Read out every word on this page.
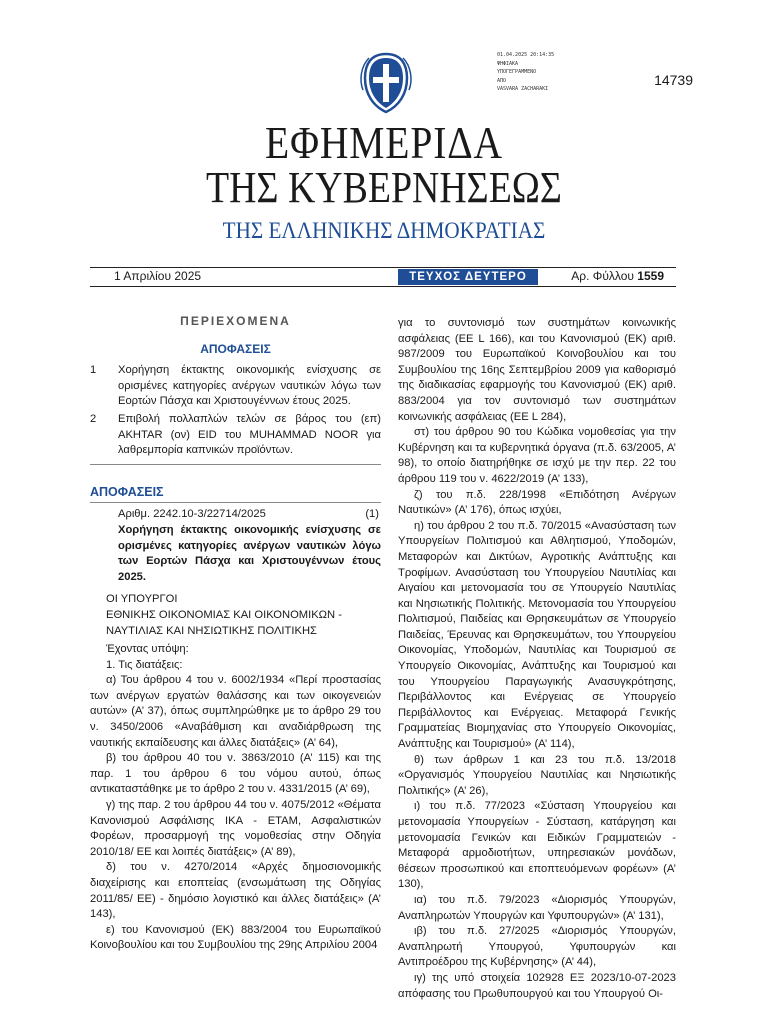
01.04.2025 20:14:35
ΨΗΦΙΑΚΑ
ΥΠΟΓΕΓΡΑΜΜΕΝΟ
ΑΠΟ
VASVARA ZACHARAKI
14739
ΕΦΗΜΕΡΙΔΑ
ΤΗΣ ΚΥΒΕΡΝΗΣΕΩΣ
ΤΗΣ ΕΛΛΗΝΙΚΗΣ ΔΗΜΟΚΡΑΤΙΑΣ
1 Απριλίου 2025	ΤΕΥΧΟΣ ΔΕΥΤΕΡΟ	Αρ. Φύλλου 1559
ΠΕΡΙΕΧΟΜΕΝΑ
ΑΠΟΦΑΣΕΙΣ
1 Χορήγηση έκτακτης οικονομικής ενίσχυσης σε ορισμένες κατηγορίες ανέργων ναυτικών λόγω των Εορτών Πάσχα και Χριστουγέννων έτους 2025.
2 Επιβολή πολλαπλών τελών σε βάρος του (επ) AKHTAR (ον) EID του MUHAMMAD NOOR για λαθρεμπορία καπνικών προϊόντων.
ΑΠΟΦΑΣΕΙΣ
Αριθμ. 2242.10-3/22714/2025	(1)
Χορήγηση έκτακτης οικονομικής ενίσχυσης σε ορισμένες κατηγορίες ανέργων ναυτικών λόγω των Εορτών Πάσχα και Χριστουγέννων έτους 2025.
ΟΙ ΥΠΟΥΡΓΟΙ
ΕΘΝΙΚΗΣ ΟΙΚΟΝΟΜΙΑΣ ΚΑΙ ΟΙΚΟΝΟΜΙΚΩΝ -
ΝΑΥΤΙΛΙΑΣ ΚΑΙ ΝΗΣΙΩΤΙΚΗΣ ΠΟΛΙΤΙΚΗΣ
Έχοντας υπόψη:
1. Τις διατάξεις:
α) Του άρθρου 4 του ν. 6002/1934 «Περί προστασίας των ανέργων εργατών θαλάσσης και των οικογενειών αυτών» (Α’ 37), όπως συμπληρώθηκε με το άρθρο 29 του ν. 3450/2006 «Αναβάθμιση και αναδιάρθρωση της ναυτικής εκπαίδευσης και άλλες διατάξεις» (Α’ 64),
β) του άρθρου 40 του ν. 3863/2010 (Α’ 115) και της παρ. 1 του άρθρου 6 του νόμου αυτού, όπως αντικαταστάθηκε με το άρθρο 2 του ν. 4331/2015 (Α’ 69),
γ) της παρ. 2 του άρθρου 44 του ν. 4075/2012 «Θέματα Κανονισμού Ασφάλισης ΙΚΑ - ΕΤΑΜ, Ασφαλιστικών Φορέων, προσαρμογή της νομοθεσίας στην Οδηγία 2010/18/ ΕΕ και λοιπές διατάξεις» (Α’ 89),
δ) του ν. 4270/2014 «Αρχές δημοσιονομικής διαχείρισης και εποπτείας (ενσωμάτωση της Οδηγίας 2011/85/ ΕΕ) - δημόσιο λογιστικό και άλλες διατάξεις» (Α’ 143),
ε) του Κανονισμού (ΕΚ) 883/2004 του Ευρωπαϊκού Κοινοβουλίου και του Συμβουλίου της 29ης Απριλίου 2004
για το συντονισμό των συστημάτων κοινωνικής ασφάλειας (EE L 166), και του Κανονισμού (ΕΚ) αριθ. 987/2009 του Ευρωπαϊκού Κοινοβουλίου και του Συμβουλίου της 16ης Σεπτεμβρίου 2009 για καθορισμό της διαδικασίας εφαρμογής του Κανονισμού (ΕΚ) αριθ. 883/2004 για τον συντονισμό των συστημάτων κοινωνικής ασφάλειας (ΕΕ L 284),
στ) του άρθρου 90 του Κώδικα νομοθεσίας για την Κυβέρνηση και τα κυβερνητικά όργανα (π.δ. 63/2005, Α’ 98), το οποίο διατηρήθηκε σε ισχύ με την περ. 22 του άρθρου 119 του ν. 4622/2019 (Α’ 133),
ζ) του π.δ. 228/1998 «Επιδότηση Ανέργων Ναυτικών» (Α’ 176), όπως ισχύει,
η) του άρθρου 2 του π.δ. 70/2015 «Ανασύσταση των Υπουργείων Πολιτισμού και Αθλητισμού, Υποδομών, Μεταφορών και Δικτύων, Αγροτικής Ανάπτυξης και Τροφίμων. Ανασύσταση του Υπουργείου Ναυτιλίας και Αιγαίου και μετονομασία του σε Υπουργείο Ναυτιλίας και Νησιωτικής Πολιτικής. Μετονομασία του Υπουργείου Πολιτισμού, Παιδείας και Θρησκευμάτων σε Υπουργείο Παιδείας, Έρευνας και Θρησκευμάτων, του Υπουργείου Οικονομίας, Υποδομών, Ναυτιλίας και Τουρισμού σε Υπουργείο Οικονομίας, Ανάπτυξης και Τουρισμού και του Υπουργείου Παραγωγικής Ανασυγκρότησης, Περιβάλλοντος και Ενέργειας σε Υπουργείο Περιβάλλοντος και Ενέργειας. Μεταφορά Γενικής Γραμματείας Βιομηχανίας στο Υπουργείο Οικονομίας, Ανάπτυξης και Τουρισμού» (Α’ 114),
θ) των άρθρων 1 και 23 του π.δ. 13/2018 «Οργανισμός Υπουργείου Ναυτιλίας και Νησιωτικής Πολιτικής» (Α’ 26),
ι) του π.δ. 77/2023 «Σύσταση Υπουργείου και μετονομασία Υπουργείων - Σύσταση, κατάργηση και μετονομασία Γενικών και Ειδικών Γραμματειών - Μεταφορά αρμοδιοτήτων, υπηρεσιακών μονάδων, θέσεων προσωπικού και εποπτευόμενων φορέων» (Α’ 130),
ια) του π.δ. 79/2023 «Διορισμός Υπουργών, Αναπληρωτών Υπουργών και Υφυπουργών» (Α’ 131),
ιβ) του π.δ. 27/2025 «Διορισμός Υπουργών, Αναπληρωτή Υπουργού, Υφυπουργών και Αντιπροέδρου της Κυβέρνησης» (Α’ 44),
ιγ) της υπό στοιχεία 102928 ΕΞ 2023/10-07-2023 απόφασης του Πρωθυπουργού και του Υπουργού Οι-
